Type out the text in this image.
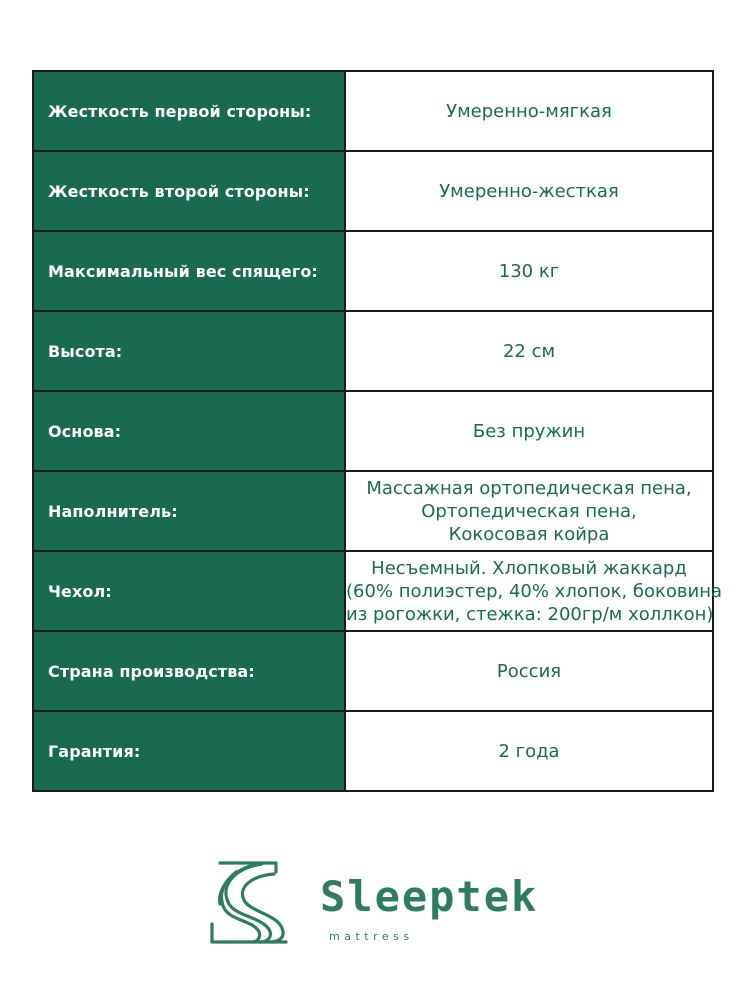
Жесткость первой стороны:	Умеренно-мягкая

Жесткость второй стороны:	Умеренно-жесткая

Максимальный вес спящего:	130 кг

Высота:	22 см

Основа:	Без пружин

Наполнитель:	Массажная ортопедическая пена,
Ортопедическая пена,
Кокосовая койра

Чехол:	Несъемный. Хлопковый жаккард
(60% полиэстер, 40% хлопок, боковина
из рогожки, стежка: 200гр/м холлкон)

Страна производства:	Россия

Гарантия:	2 года
Sleeptek
mattress
